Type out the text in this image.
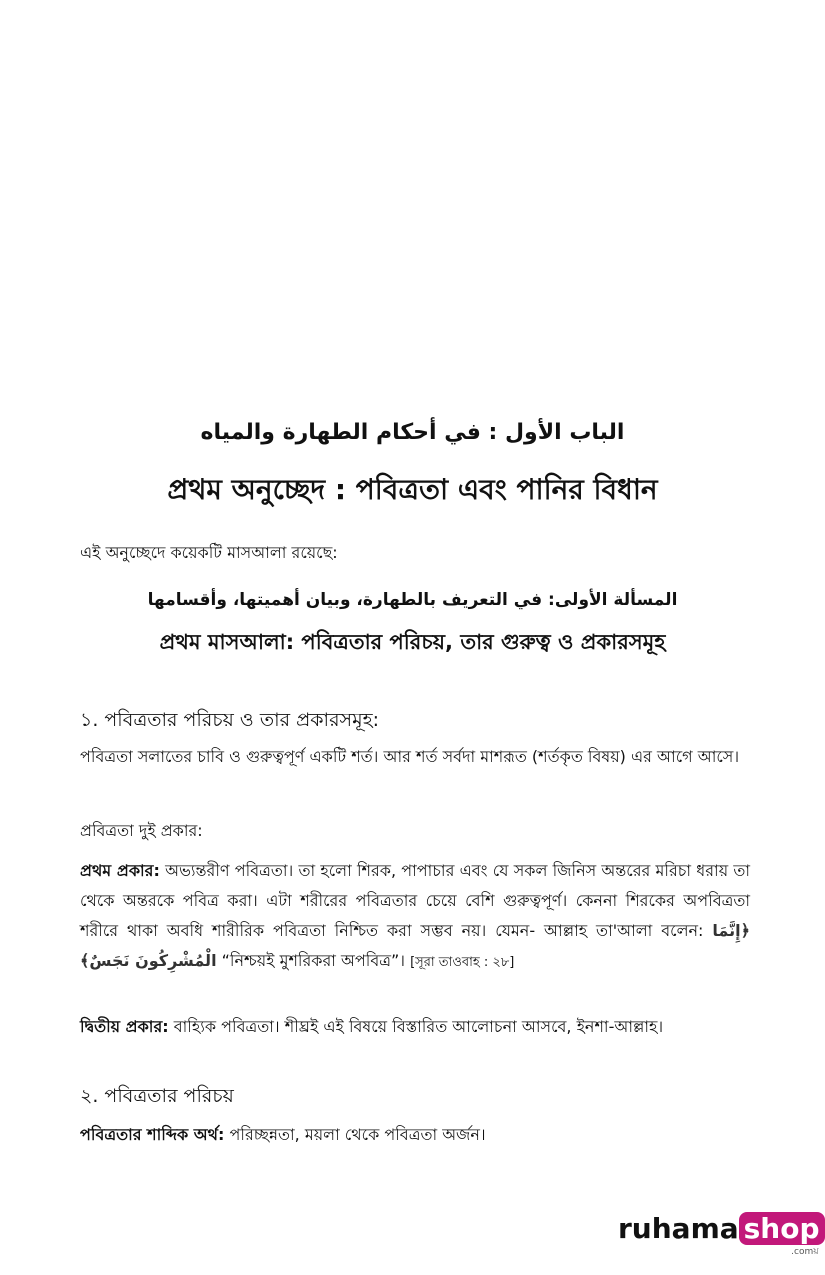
الباب الأول : في أحكام الطهارة والمياه
প্রথম অনুচ্ছেদ : পবিত্রতা এবং পানির বিধান
এই অনুচ্ছেদে কয়েকটি মাসআলা রয়েছে:
المسألة الأولى: في التعريف بالطهارة، وبيان أهميتها، وأقسامها
প্রথম মাসআলা: পবিত্রতার পরিচয়, তার গুরুত্ব ও প্রকারসমূহ
১. পবিত্রতার পরিচয় ও তার প্রকারসমূহ:
পবিত্রতা সলাতের চাবি ও গুরুত্বপূর্ণ একটি শর্ত। আর শর্ত সর্বদা মাশরূত (শর্তকৃত বিষয়) এর আগে আসে।
প্রবিত্রতা দুই প্রকার:
প্রথম প্রকার: অভ্যন্তরীণ পবিত্রতা। তা হলো শিরক, পাপাচার এবং যে সকল জিনিস অন্তরের মরিচা ধরায় তা থেকে অন্তরকে পবিত্র করা। এটা শরীরের পবিত্রতার চেয়ে বেশি গুরুত্বপূর্ণ। কেননা শিরকের অপবিত্রতা শরীরে থাকা অবধি শারীরিক পবিত্রতা নিশ্চিত করা সম্ভব নয়। যেমন- আল্লাহ তা'আলা বলেন: ﴿إِنَّمَا الْمُشْرِكُونَ نَجَسٌ﴾ “নিশ্চয়ই মুশরিকরা অপবিত্র”। [সূরা তাওবাহ : ২৮]
দ্বিতীয় প্রকার: বাহ্যিক পবিত্রতা। শীঘ্রই এই বিষয়ে বিস্তারিত আলোচনা আসবে, ইনশা-আল্লাহ।
২. পবিত্রতার পরিচয়
পবিত্রতার শাব্দিক অর্থ: পরিচ্ছন্নতা, ময়লা থেকে পবিত্রতা অর্জন।
ruhama shop
.comয়
